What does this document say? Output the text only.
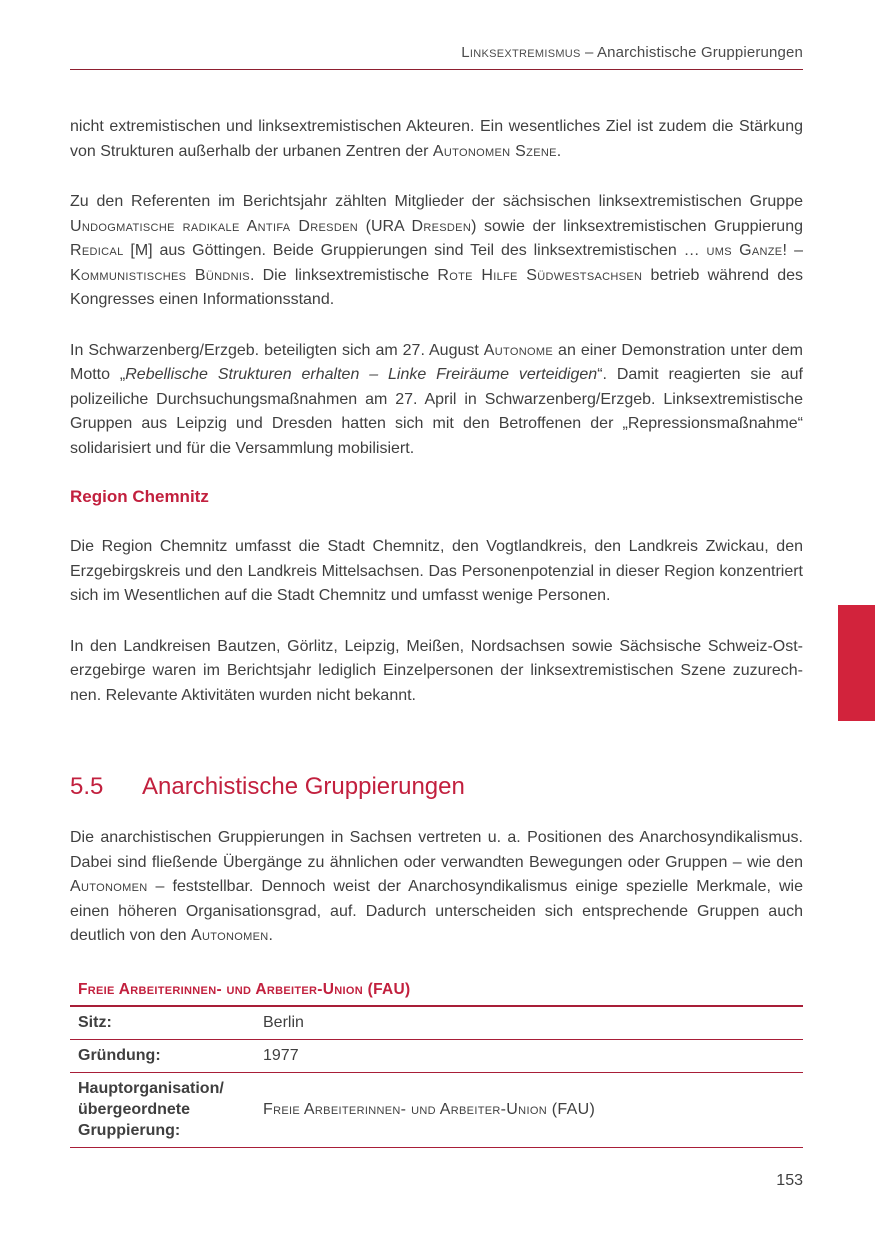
Linksextremismus – Anarchistische Gruppierungen

nicht extremistischen und linksextremistischen Akteuren. Ein wesentliches Ziel ist zudem die Stärkung von Strukturen außerhalb der urbanen Zentren der Autonomen Szene.

Zu den Referenten im Berichtsjahr zählten Mitglieder der sächsischen linksextremistischen Gruppe Undogmatische radikale Antifa Dresden (URA Dresden) sowie der linksextremistischen Gruppierung Redical [M] aus Göttingen. Beide Gruppierungen sind Teil des linksextremistischen … ums Ganze! – Kommunistisches Bündnis. Die linksextremistische Rote Hilfe Südwestsachsen betrieb während des Kongresses einen Informationsstand.

In Schwarzenberg/Erzgeb. beteiligten sich am 27. August Autonome an einer Demonstration unter dem Motto „Rebellische Strukturen erhalten – Linke Freiräume verteidigen“. Damit reagierten sie auf polizeiliche Durchsuchungsmaßnahmen am 27. April in Schwarzenberg/Erzgeb. Linksextremistische Gruppen aus Leipzig und Dresden hatten sich mit den Betroffenen der „Repressionsmaßnahme“ solidarisiert und für die Versammlung mobilisiert.

Region Chemnitz

Die Region Chemnitz umfasst die Stadt Chemnitz, den Vogtlandkreis, den Landkreis Zwickau, den Erzgebirgskreis und den Landkreis Mittelsachsen. Das Personenpotenzial in dieser Region konzentriert sich im Wesentlichen auf die Stadt Chemnitz und umfasst wenige Personen.

In den Landkreisen Bautzen, Görlitz, Leipzig, Meißen, Nordsachsen sowie Sächsische Schweiz-Osterzgebirge waren im Berichtsjahr lediglich Einzelpersonen der linksextremistischen Szene zuzurechnen. Relevante Aktivitäten wurden nicht bekannt.

5.5	Anarchistische Gruppierungen

Die anarchistischen Gruppierungen in Sachsen vertreten u. a. Positionen des Anarchosyndikalismus. Dabei sind fließende Übergänge zu ähnlichen oder verwandten Bewegungen oder Gruppen – wie den Autonomen – feststellbar. Dennoch weist der Anarchosyndikalismus einige spezielle Merkmale, wie einen höheren Organisationsgrad, auf. Dadurch unterscheiden sich entsprechende Gruppen auch deutlich von den Autonomen.

Freie Arbeiterinnen- und Arbeiter-Union (FAU)	
Sitz:	Berlin
Gründung:	1977
Hauptorganisation/ übergeordnete Gruppierung:	Freie Arbeiterinnen- und Arbeiter-Union (FAU)
153
